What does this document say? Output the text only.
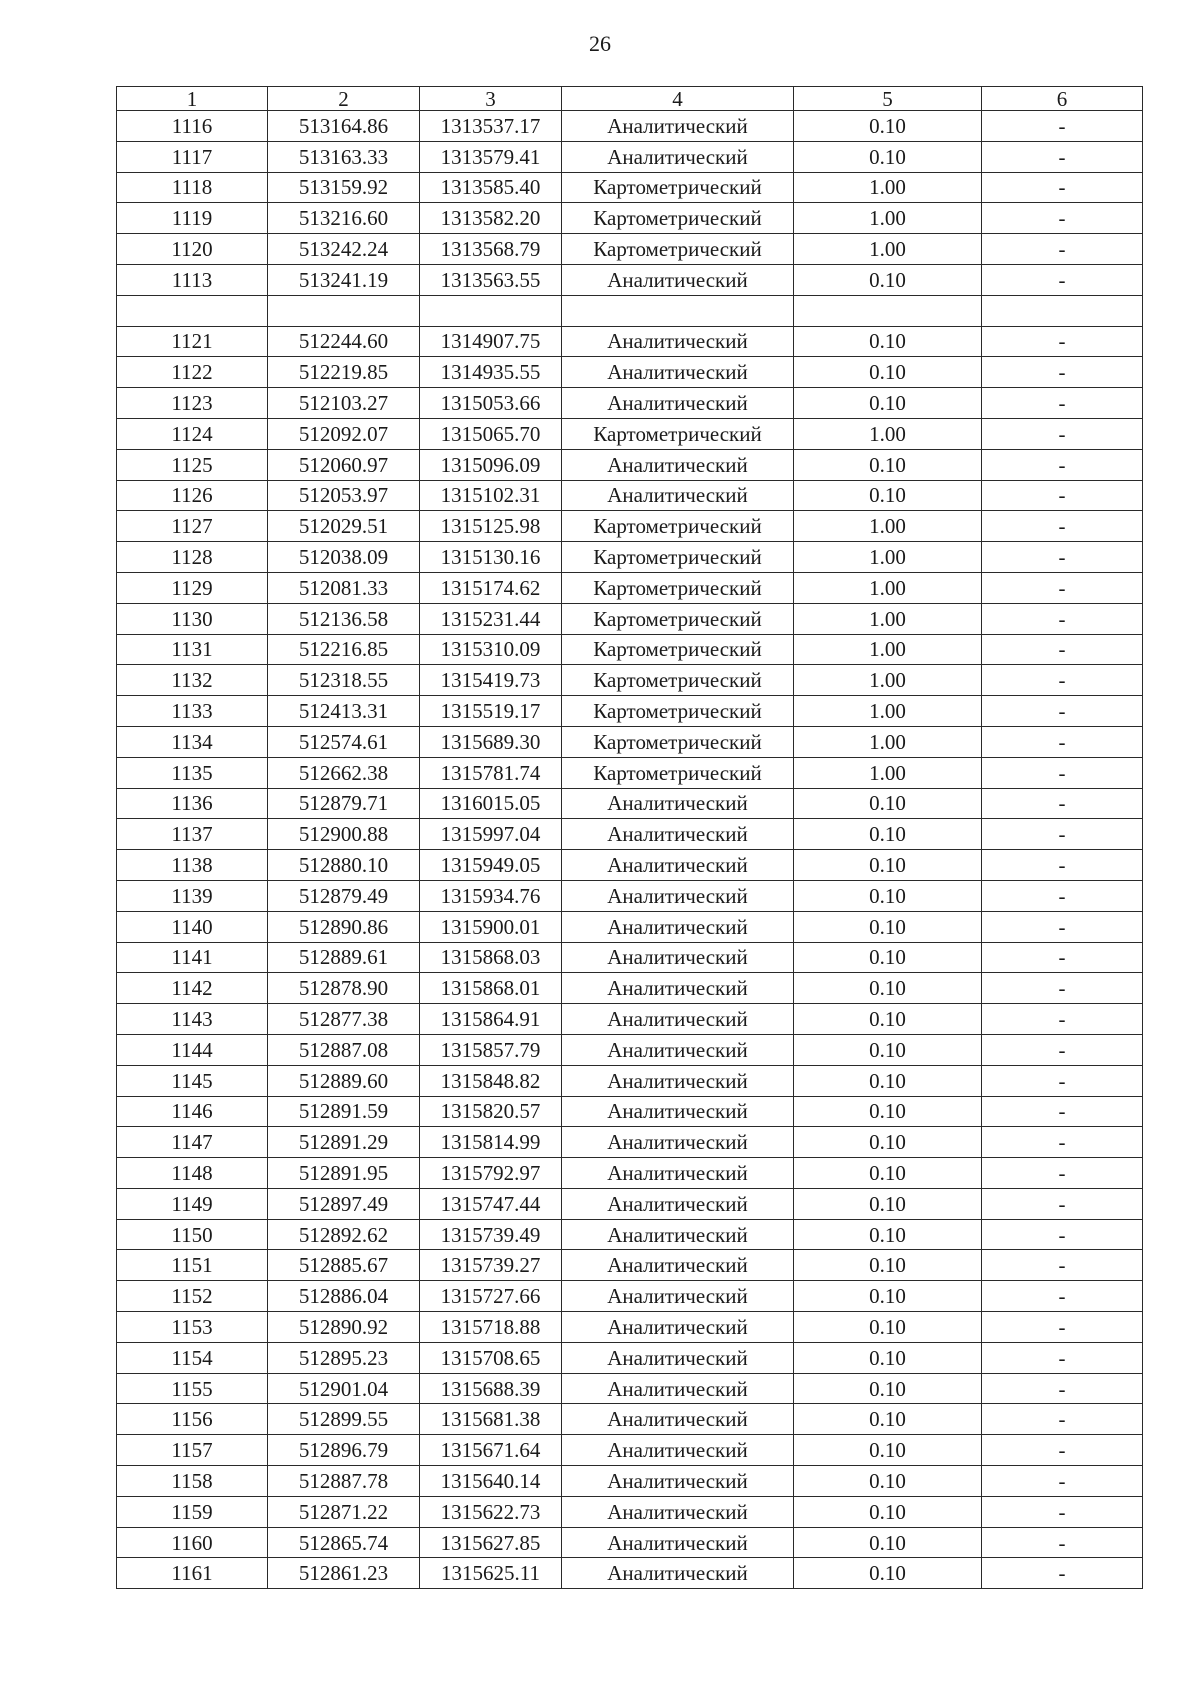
26
1	2	3	4	5	6
1116	513164.86	1313537.17	Аналитический	0.10	-
1117	513163.33	1313579.41	Аналитический	0.10	-
1118	513159.92	1313585.40	Картометрический	1.00	-
1119	513216.60	1313582.20	Картометрический	1.00	-
1120	513242.24	1313568.79	Картометрический	1.00	-
1113	513241.19	1313563.55	Аналитический	0.10	-

1121	512244.60	1314907.75	Аналитический	0.10	-
1122	512219.85	1314935.55	Аналитический	0.10	-
1123	512103.27	1315053.66	Аналитический	0.10	-
1124	512092.07	1315065.70	Картометрический	1.00	-
1125	512060.97	1315096.09	Аналитический	0.10	-
1126	512053.97	1315102.31	Аналитический	0.10	-
1127	512029.51	1315125.98	Картометрический	1.00	-
1128	512038.09	1315130.16	Картометрический	1.00	-
1129	512081.33	1315174.62	Картометрический	1.00	-
1130	512136.58	1315231.44	Картометрический	1.00	-
1131	512216.85	1315310.09	Картометрический	1.00	-
1132	512318.55	1315419.73	Картометрический	1.00	-
1133	512413.31	1315519.17	Картометрический	1.00	-
1134	512574.61	1315689.30	Картометрический	1.00	-
1135	512662.38	1315781.74	Картометрический	1.00	-
1136	512879.71	1316015.05	Аналитический	0.10	-
1137	512900.88	1315997.04	Аналитический	0.10	-
1138	512880.10	1315949.05	Аналитический	0.10	-
1139	512879.49	1315934.76	Аналитический	0.10	-
1140	512890.86	1315900.01	Аналитический	0.10	-
1141	512889.61	1315868.03	Аналитический	0.10	-
1142	512878.90	1315868.01	Аналитический	0.10	-
1143	512877.38	1315864.91	Аналитический	0.10	-
1144	512887.08	1315857.79	Аналитический	0.10	-
1145	512889.60	1315848.82	Аналитический	0.10	-
1146	512891.59	1315820.57	Аналитический	0.10	-
1147	512891.29	1315814.99	Аналитический	0.10	-
1148	512891.95	1315792.97	Аналитический	0.10	-
1149	512897.49	1315747.44	Аналитический	0.10	-
1150	512892.62	1315739.49	Аналитический	0.10	-
1151	512885.67	1315739.27	Аналитический	0.10	-
1152	512886.04	1315727.66	Аналитический	0.10	-
1153	512890.92	1315718.88	Аналитический	0.10	-
1154	512895.23	1315708.65	Аналитический	0.10	-
1155	512901.04	1315688.39	Аналитический	0.10	-
1156	512899.55	1315681.38	Аналитический	0.10	-
1157	512896.79	1315671.64	Аналитический	0.10	-
1158	512887.78	1315640.14	Аналитический	0.10	-
1159	512871.22	1315622.73	Аналитический	0.10	-
1160	512865.74	1315627.85	Аналитический	0.10	-
1161	512861.23	1315625.11	Аналитический	0.10	-
